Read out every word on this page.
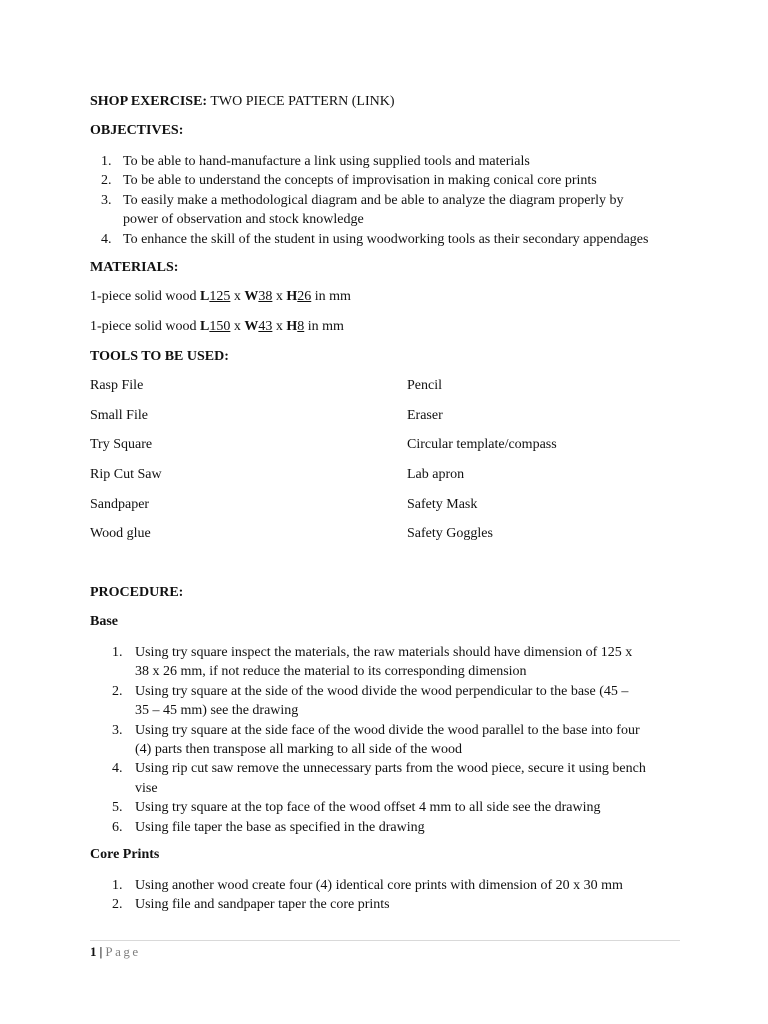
SHOP EXERCISE: TWO PIECE PATTERN (LINK)
OBJECTIVES:
1. To be able to hand-manufacture a link using supplied tools and materials
2. To be able to understand the concepts of improvisation in making conical core prints
3. To easily make a methodological diagram and be able to analyze the diagram properly by
power of observation and stock knowledge
4. To enhance the skill of the student in using woodworking tools as their secondary appendages
MATERIALS:
1-piece solid wood L125 x W38 x H26 in mm
1-piece solid wood L150 x W43 x H8 in mm
TOOLS TO BE USED:
Rasp File
Small File
Try Square
Rip Cut Saw
Sandpaper
Wood glue
Pencil
Eraser
Circular template/compass
Lab apron
Safety Mask
Safety Goggles
PROCEDURE:
Base
1. Using try square inspect the materials, the raw materials should have dimension of 125 x
38 x 26 mm, if not reduce the material to its corresponding dimension
2. Using try square at the side of the wood divide the wood perpendicular to the base (45 –
35 – 45 mm) see the drawing
3. Using try square at the side face of the wood divide the wood parallel to the base into four
(4) parts then transpose all marking to all side of the wood
4. Using rip cut saw remove the unnecessary parts from the wood piece, secure it using bench
vise
5. Using try square at the top face of the wood offset 4 mm to all side see the drawing
6. Using file taper the base as specified in the drawing
Core Prints
1. Using another wood create four (4) identical core prints with dimension of 20 x 30 mm
2. Using file and sandpaper taper the core prints
1 | Page
